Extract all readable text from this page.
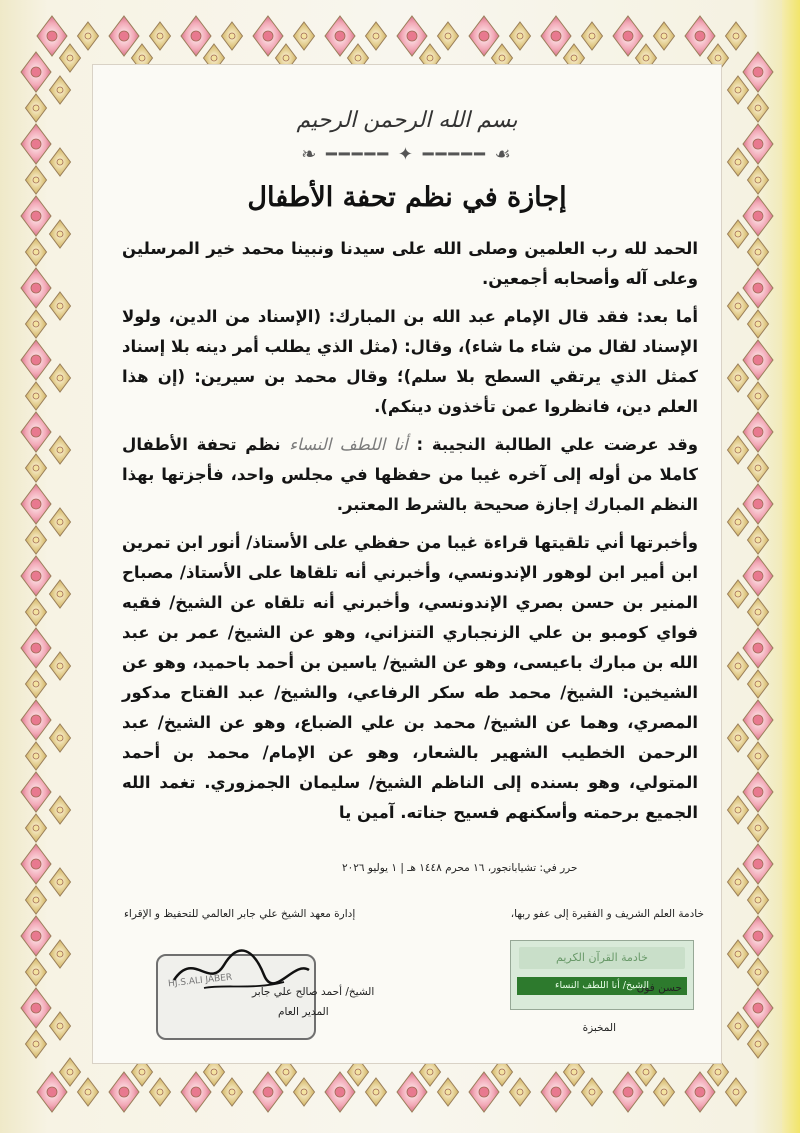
بسم الله الرحمن الرحيم
❧ ━━━━━ ✦ ━━━━━ ☙
إجازة في نظم تحفة الأطفال

الحمد لله رب العلمين وصلى الله على سيدنا ونبينا محمد خير المرسلين وعلى آله وأصحابه أجمعين.

أما بعد: فقد قال الإمام عبد الله بن المبارك: (الإسناد من الدين، ولولا الإسناد لقال من شاء ما شاء)، وقال: (مثل الذي يطلب أمر دينه بلا إسناد كمثل الذي يرتقي السطح بلا سلم)؛ وقال محمد بن سيرين: (إن هذا العلم دين، فانظروا عمن تأخذون دينكم).

وقد عرضت علي الطالبة النجيبة : أنا اللطف النساء نظم تحفة الأطفال كاملا من أوله إلى آخره غيبا من حفظها في مجلس واحد، فأجزتها بهذا النظم المبارك إجازة صحيحة بالشرط المعتبر.

وأخبرتها أني تلقيتها قراءة غيبا من حفظي على الأستاذ/ أنور ابن تمرين ابن أمير ابن لوهور الإندونسي، وأخبرني أنه تلقاها على الأستاذ/ مصباح المنير بن حسن بصري الإندونسي، وأخبرني أنه تلقاه عن الشيخ/ فقيه فواي كومبو بن علي الزنجباري التنزاني، وهو عن الشيخ/ عمر بن عبد الله بن مبارك باعيسى، وهو عن الشيخ/ ياسين بن أحمد باحميد، وهو عن الشيخين: الشيخ/ محمد طه سكر الرفاعي، والشيخ/ عبد الفتاح مدكور المصري، وهما عن الشيخ/ محمد بن علي الضباع، وهو عن الشيخ/ عبد الرحمن الخطيب الشهير بالشعار، وهو عن الإمام/ محمد بن أحمد المتولي، وهو بسنده إلى الناظم الشيخ/ سليمان الجمزوري. تغمد الله الجميع برحمته وأسكنهم فسيح جناته. آمين يا

حرر في: تشيابانجور، ١٦ محرم ١٤٤٨ هـ | ١ يوليو ٢٠٢٦
إدارة معهد الشيخ علي جابر العالمي للتحفيظ و الإقراء	خادمة العلم الشريف و الفقيرة إلى عفو ربها،
HJ.S.ALI JABER
الشيخ/ أحمد صالح علي جابر
المدير العام
خادمة القرآن الكريم
الشيخ/ أنا اللطف النساء
حسن فون
المخبزة
